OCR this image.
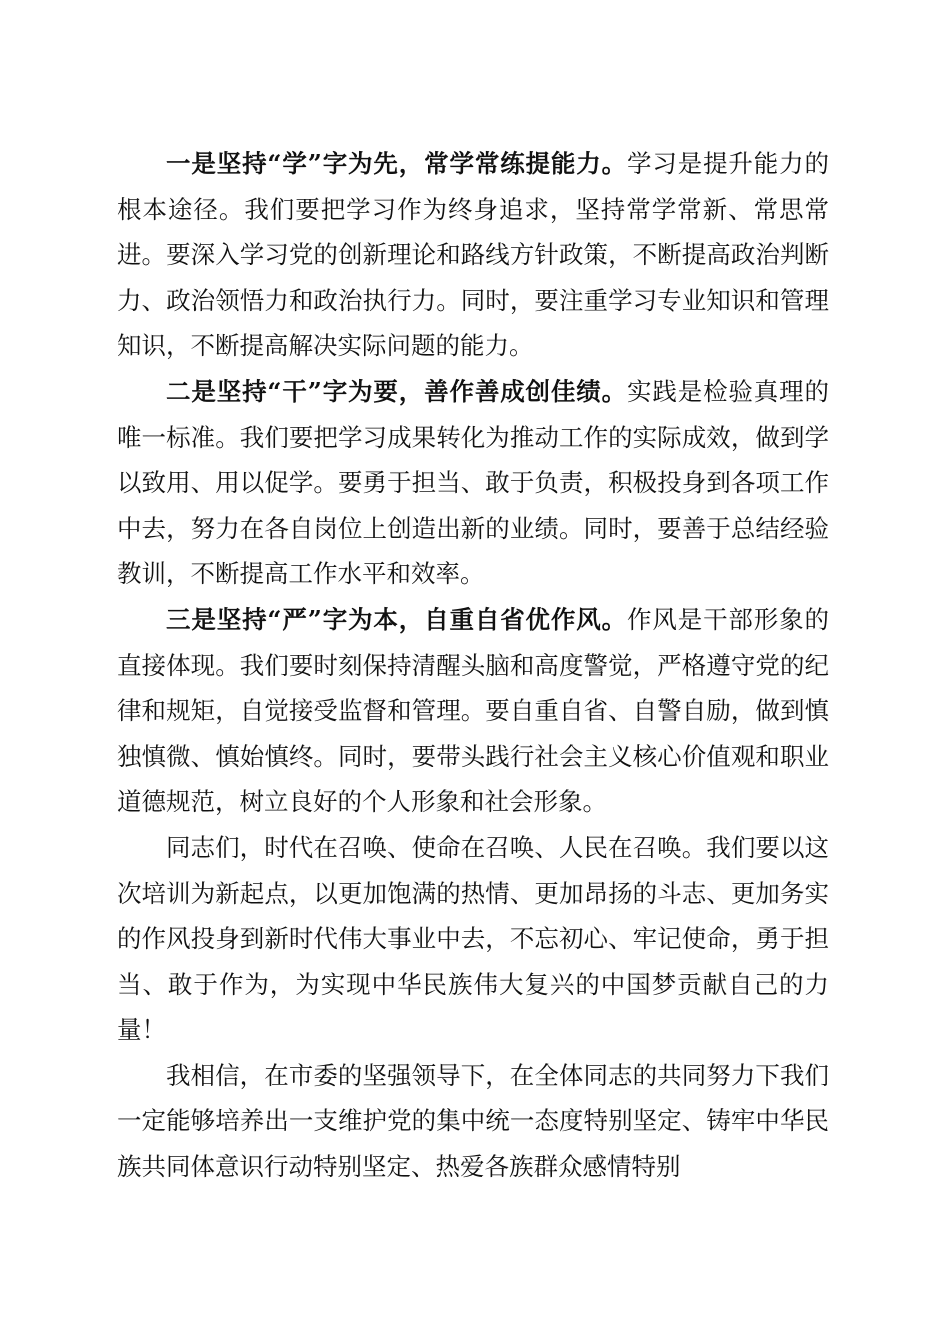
一是坚持“学”字为先，常学常练提能力。学习是提升能力的根本途径。我们要把学习作为终身追求，坚持常学常新、常思常进。要深入学习党的创新理论和路线方针政策，不断提高政治判断力、政治领悟力和政治执行力。同时，要注重学习专业知识和管理知识，不断提高解决实际问题的能力。

二是坚持“干”字为要，善作善成创佳绩。实践是检验真理的唯一标准。我们要把学习成果转化为推动工作的实际成效，做到学以致用、用以促学。要勇于担当、敢于负责，积极投身到各项工作中去，努力在各自岗位上创造出新的业绩。同时，要善于总结经验教训，不断提高工作水平和效率。

三是坚持“严”字为本，自重自省优作风。作风是干部形象的直接体现。我们要时刻保持清醒头脑和高度警觉，严格遵守党的纪律和规矩，自觉接受监督和管理。要自重自省、自警自励，做到慎独慎微、慎始慎终。同时，要带头践行社会主义核心价值观和职业道德规范，树立良好的个人形象和社会形象。

同志们，时代在召唤、使命在召唤、人民在召唤。我们要以这次培训为新起点，以更加饱满的热情、更加昂扬的斗志、更加务实的作风投身到新时代伟大事业中去，不忘初心、牢记使命，勇于担当、敢于作为，为实现中华民族伟大复兴的中国梦贡献自己的力量！

我相信，在市委的坚强领导下，在全体同志的共同努力下我们一定能够培养出一支维护党的集中统一态度特别坚定、铸牢中华民族共同体意识行动特别坚定、热爱各族群众感情特别
